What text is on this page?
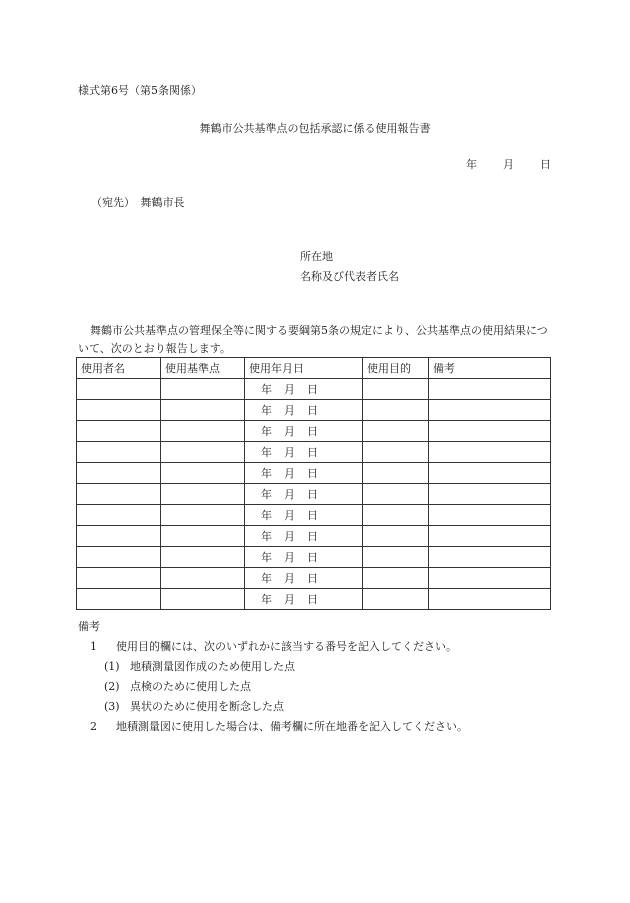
様式第6号（第5条関係）
舞鶴市公共基準点の包括承認に係る使用報告書
年 月 日
（宛先）　舞鶴市長
所在地
名称及び代表者氏名
舞鶴市公共基準点の管理保全等に関する要綱第5条の規定により、公共基準点の使用結果について、次のとおり報告します。
使用者名	使用基準点	使用年月日	使用目的	備考
		年 月 日		
		年 月 日		
		年 月 日		
		年 月 日		
		年 月 日		
		年 月 日		
		年 月 日		
		年 月 日		
		年 月 日		
		年 月 日		
		年 月 日		
備考
1 使用目的欄には、次のいずれかに該当する番号を記入してください。
(1) 地積測量図作成のため使用した点
(2) 点検のために使用した点
(3) 異状のために使用を断念した点
2 地積測量図に使用した場合は、備考欄に所在地番を記入してください。
